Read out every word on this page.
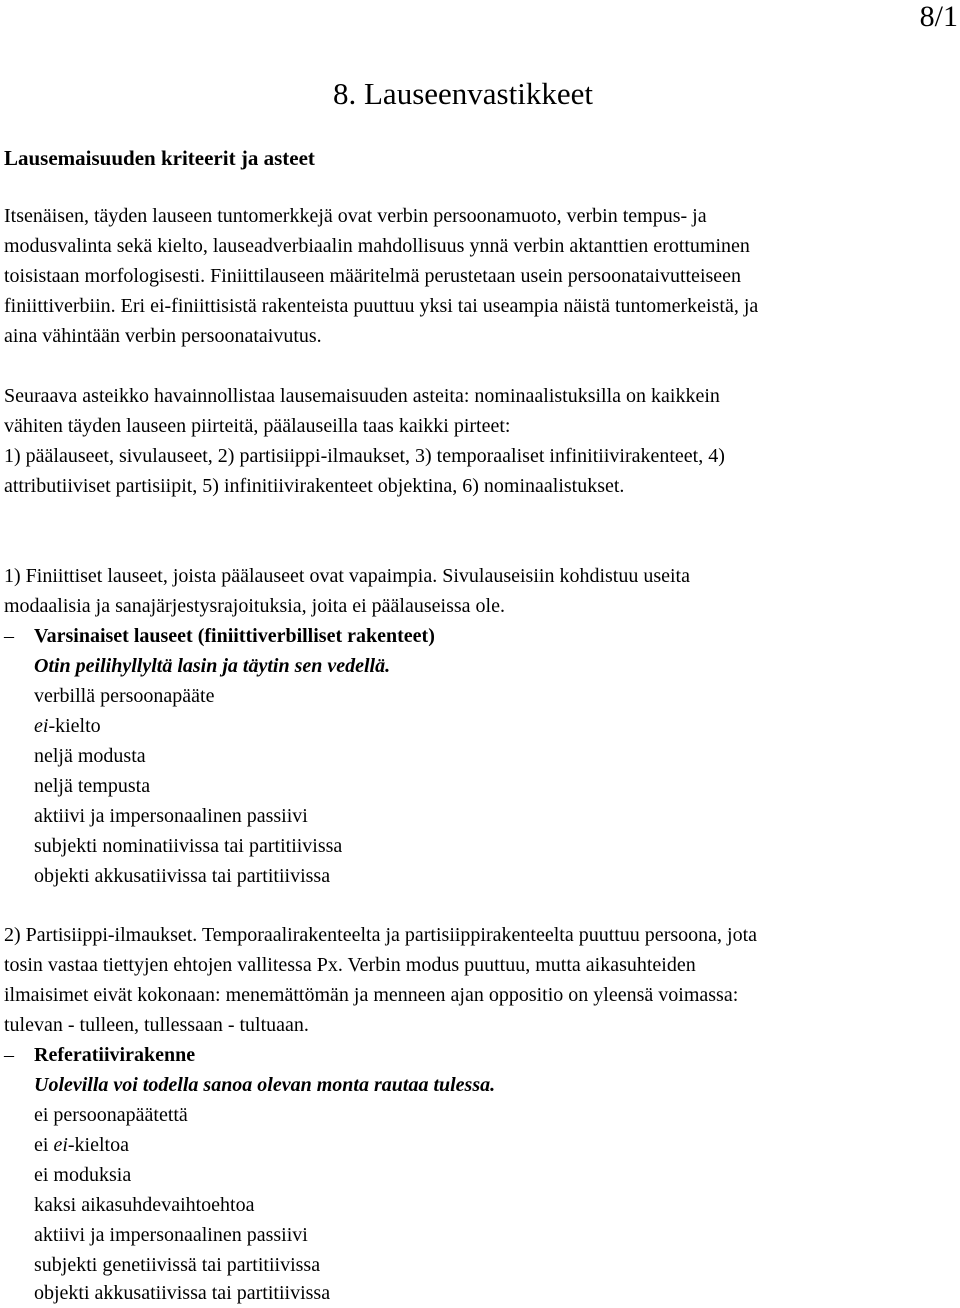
8/1
8. Lauseenvastikkeet
Lausemaisuuden kriteerit ja asteet
Itsenäisen, täyden lauseen tuntomerkkejä ovat verbin persoonamuoto, verbin tempus- ja
modusvalinta sekä kielto, lauseadverbiaalin mahdollisuus ynnä verbin aktanttien erottuminen
toisistaan morfologisesti. Finiittilauseen määritelmä perustetaan usein persoonataivutteiseen
finiittiverbiin. Eri ei-finiittisistä rakenteista puuttuu yksi tai useampia näistä tuntomerkeistä, ja
aina vähintään verbin persoonataivutus.
Seuraava asteikko havainnollistaa lausemaisuuden asteita: nominaalistuksilla on kaikkein
vähiten täyden lauseen piirteitä, päälauseilla taas kaikki pirteet:
1) päälauseet, sivulauseet, 2) partisiippi-ilmaukset, 3) temporaaliset infinitiivirakenteet, 4)
attributiiviset partisiipit, 5) infinitiivirakenteet objektina, 6) nominaalistukset.
1) Finiittiset lauseet, joista päälauseet ovat vapaimpia. Sivulauseisiin kohdistuu useita
modaalisia ja sanajärjestysrajoituksia, joita ei päälauseissa ole.
– Varsinaiset lauseet (finiittiverbilliset rakenteet)
Otin peilihyllyltä lasin ja täytin sen vedellä.
verbillä persoonapääte
ei-kielto
neljä modusta
neljä tempusta
aktiivi ja impersonaalinen passiivi
subjekti nominatiivissa tai partitiivissa
objekti akkusatiivissa tai partitiivissa
2) Partisiippi-ilmaukset. Temporaalirakenteelta ja partisiippirakenteelta puuttuu persoona, jota
tosin vastaa tiettyjen ehtojen vallitessa Px. Verbin modus puuttuu, mutta aikasuhteiden
ilmaisimet eivät kokonaan: menemättömän ja menneen ajan oppositio on yleensä voimassa:
tulevan - tulleen, tullessaan - tultuaan.
– Referatiivirakenne
Uolevilla voi todella sanoa olevan monta rautaa tulessa.
ei persoonapäätettä
ei ei-kieltoa
ei moduksia
kaksi aikasuhdevaihtoehtoa
aktiivi ja impersonaalinen passiivi
subjekti genetiivissä tai partitiivissa
objekti akkusatiivissa tai partitiivissa
